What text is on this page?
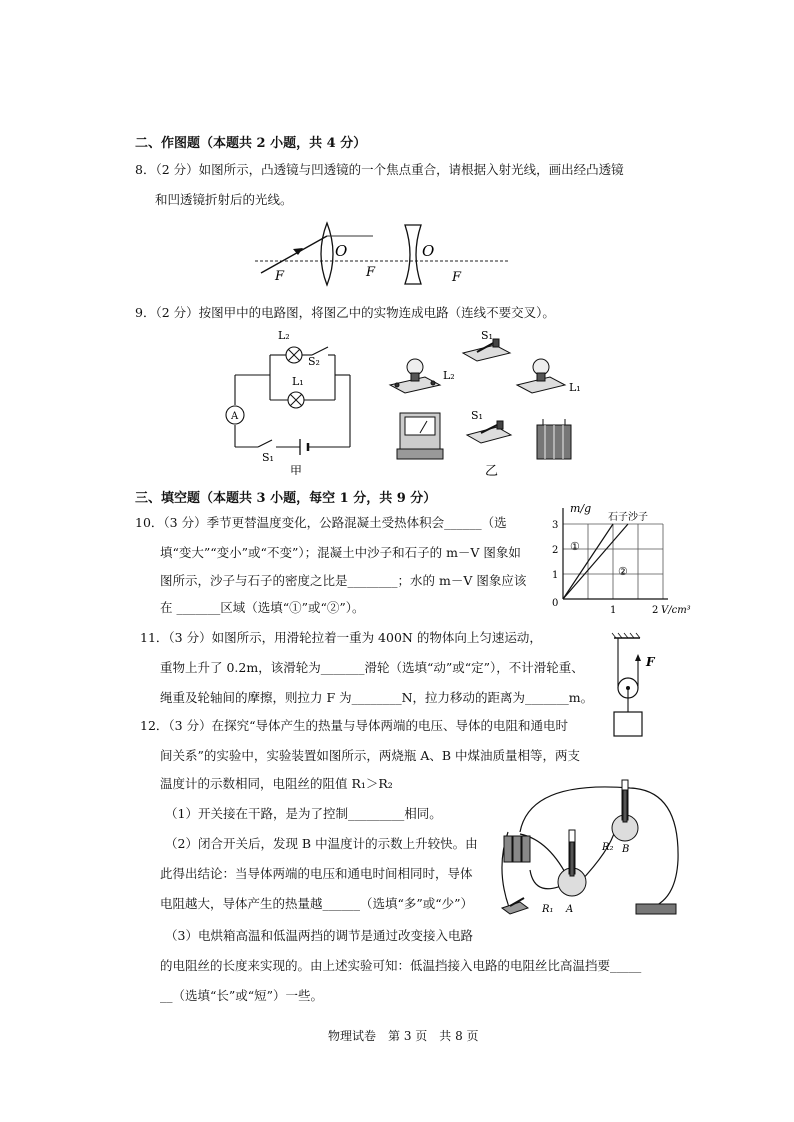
二、作图题（本题共 2 小题，共 4 分）
8．（2 分）如图所示，凸透镜与凹透镜的一个焦点重合，请根据入射光线，画出经凸透镜
和凹透镜折射后的光线。
F
O
F
O
F
9．（2 分）按图甲中的电路图，将图乙中的实物连成电路（连线不要交叉）。
A
L₂
S₂
L₁
S₁
甲
S₁
L₂
L₁
S₁
乙
三、填空题（本题共 3 小题，每空 1 分，共 9 分）
10．（3 分）季节更替温度变化，公路混凝土受热体积会______（选
填“变大”“变小”或“不变”）；混凝土中沙子和石子的 m－V 图象如
图所示，沙子与石子的密度之比是________；水的 m－V 图象应该
在 _______区域（选填“①”或“②”）。
m/g
石子沙子
①
②
3
2
1
0
1	2 V/cm³
11．（3 分）如图所示，用滑轮拉着一重为 400N 的物体向上匀速运动，
重物上升了 0.2m，该滑轮为_______滑轮（选填“动”或“定”），不计滑轮重、
绳重及轮轴间的摩擦，则拉力 F 为________N，拉力移动的距离为_______m。
F
12．（3 分）在探究“导体产生的热量与导体两端的电压、导体的电阻和通电时
间关系”的实验中，实验装置如图所示，两烧瓶 A、B 中煤油质量相等，两支
温度计的示数相同，电阻丝的阻值 R₁＞R₂
（1）开关接在干路，是为了控制_________相同。
（2）闭合开关后，发现 B 中温度计的示数上升较快。由
此得出结论：当导体两端的电压和通电时间相同时，导体
电阻越大，导体产生的热量越______（选填“多”或“少”）
（3）电烘箱高温和低温两挡的调节是通过改变接入电路
的电阻丝的长度来实现的。由上述实验可知：低温挡接入电路的电阻丝比高温挡要_____
__（选填“长”或“短”）一些。
R₂ B
R₁ A
物理试卷　第 3 页　共 8 页
